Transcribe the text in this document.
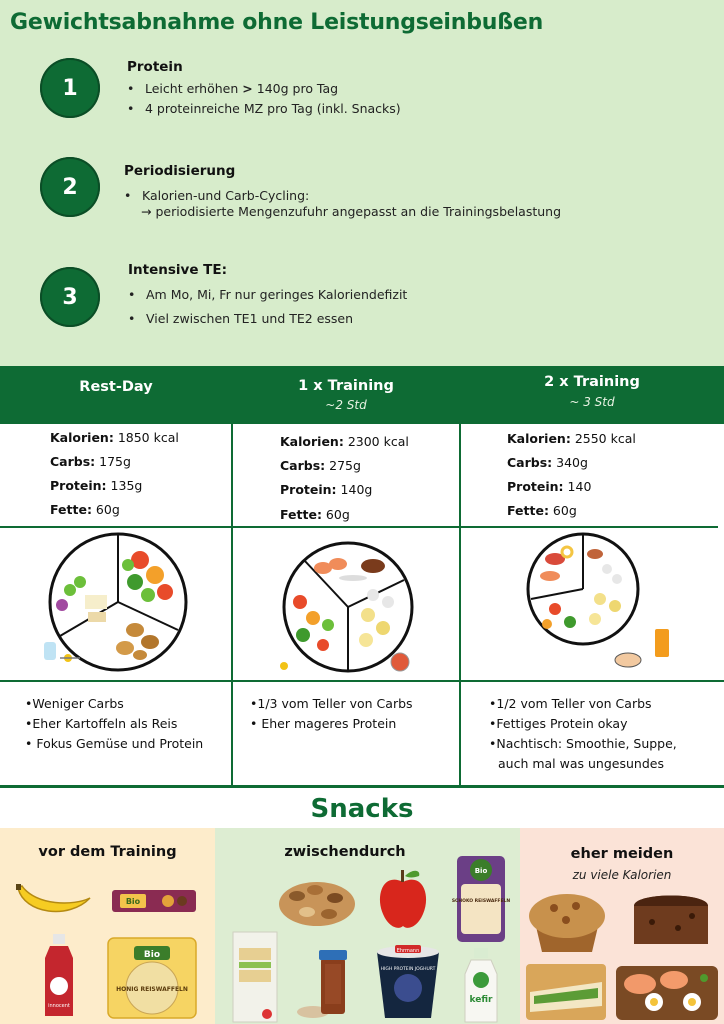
Gewichtsabnahme ohne Leistungseinbußen
1
Protein
• Leicht erhöhen > 140g pro Tag
• 4 proteinreiche MZ pro Tag (inkl. Snacks)
2
Periodisierung
• Kalorien-und Carb-Cycling:
→ periodisierte Mengenzufuhr angepasst an die Trainingsbelastung
3
Intensive TE:
• Am Mo, Mi, Fr nur geringes Kaloriendefizit
• Viel zwischen TE1 und TE2 essen
Rest-Day	1 x Training
~2 Std
2 x Training
~ 3 Std
Kalorien: 1850 kcal
Carbs: 175g
Protein: 135g
Fette: 60g
Kalorien: 2300 kcal
Carbs: 275g
Protein: 140g
Fette: 60g
Kalorien: 2550 kcal
Carbs: 340g
Protein: 140
Fette: 60g
•Weniger Carbs
•Eher Kartoffeln als Reis
• Fokus Gemüse und Protein
•1/3 vom Teller von Carbs
• Eher mageres Protein
•1/2 vom Teller von Carbs
•Fettiges Protein okay
•Nachtisch: Smoothie, Suppe,
auch mal was ungesundes
Snacks
vor dem Training
Bio
innocent
Bio
HONIG REISWAFFELN
zwischendurch
Bio
SCHOKO REISWAFFELN
Ehrmann
HIGH PROTEIN JOGHURT
kefir
eher meiden
zu viele Kalorien
